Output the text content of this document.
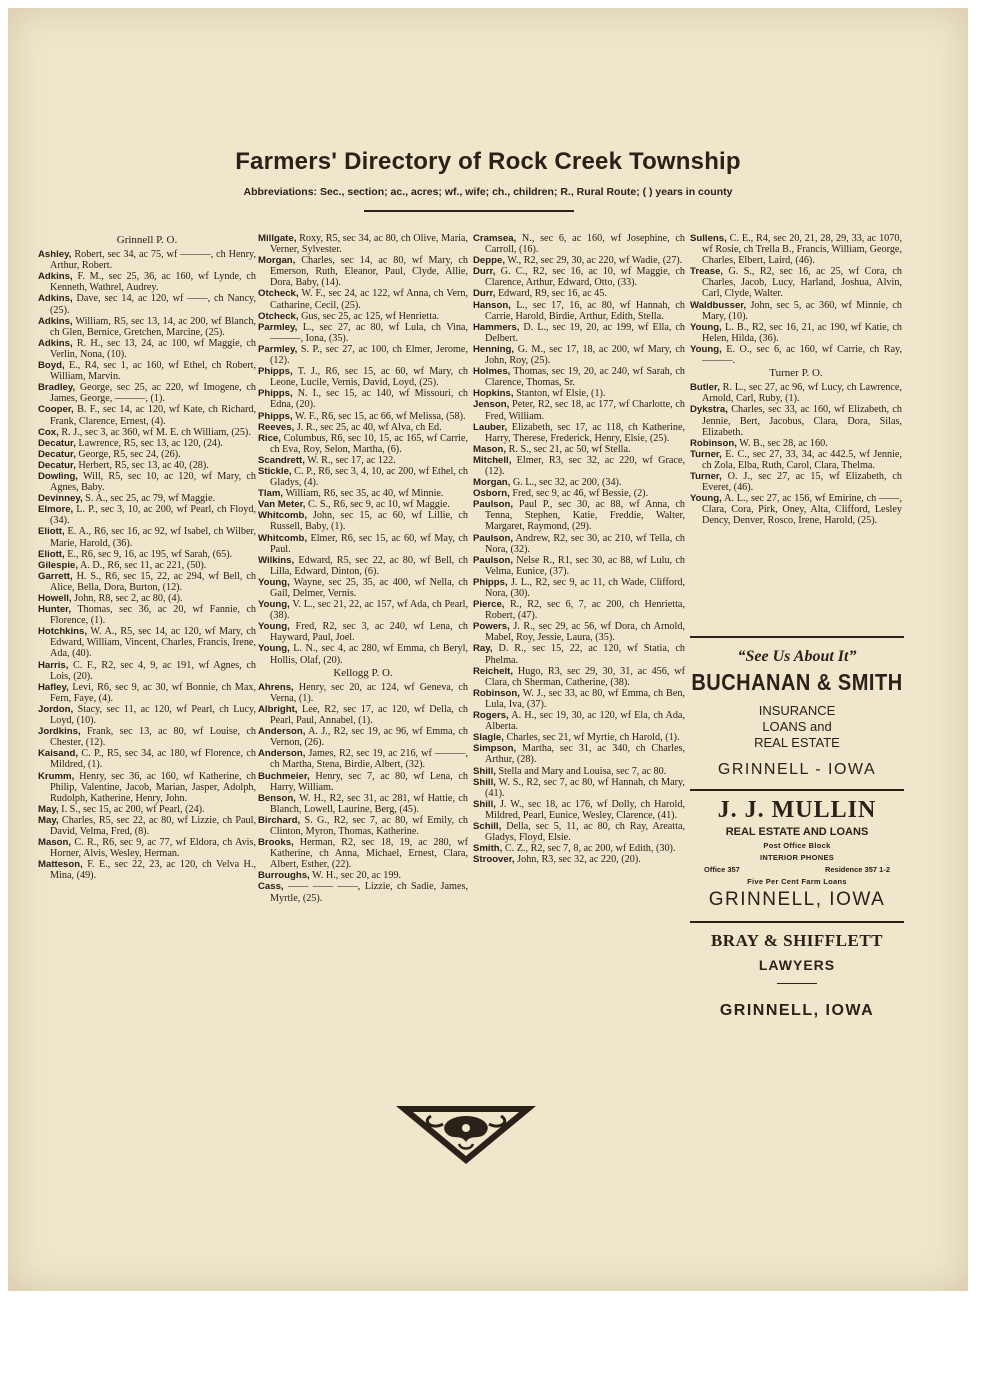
Farmers' Directory of Rock Creek Township
Abbreviations: Sec., section; ac., acres; wf., wife; ch., children; R., Rural Route; ( ) years in county
Grinnell P. O.

Ashley, Robert, sec 34, ac 75, wf ———, ch Henry, Arthur, Robert.

Adkins, F. M., sec 25, 36, ac 160, wf Lynde, ch Kenneth, Wathrel, Audrey.

Adkins, Dave, sec 14, ac 120, wf ——, ch Nancy, (25).

Adkins, William, R5, sec 13, 14, ac 200, wf Blanch, ch Glen, Bernice, Gretchen, Marcine, (25).

Adkins, R. H., sec 13, 24, ac 100, wf Maggie, ch Verlin, Nona, (10).

Boyd, E., R4, sec 1, ac 160, wf Ethel, ch Robert, William, Marvin.

Bradley, George, sec 25, ac 220, wf Imogene, ch James, George, ———, (1).

Cooper, B. F., sec 14, ac 120, wf Kate, ch Richard, Frank, Clarence, Ernest, (4).

Cox, R. J., sec 3, ac 360, wf M. E. ch William, (25).

Decatur, Lawrence, R5, sec 13, ac 120, (24).

Decatur, George, R5, sec 24, (26).

Decatur, Herbert, R5, sec 13, ac 40, (28).

Dowling, Will, R5, sec 10, ac 120, wf Mary, ch Agnes, Baby.

Devinney, S. A., sec 25, ac 79, wf Maggie.

Elmore, L. P., sec 3, 10, ac 200, wf Pearl, ch Floyd, (34).

Eliott, E. A., R6, sec 16, ac 92, wf Isabel, ch Wilber, Marie, Harold, (36).

Eliott, E., R6, sec 9, 16, ac 195, wf Sarah, (65).

Gilespie, A. D., R6, sec 11, ac 221, (50).

Garrett, H. S., R6, sec 15, 22, ac 294, wf Bell, ch Alice, Bella, Dora, Burton, (12).

Howell, John, R8, sec 2, ac 80, (4).

Hunter, Thomas, sec 36, ac 20, wf Fannie, ch Florence, (1).

Hotchkins, W. A., R5, sec 14, ac 120, wf Mary, ch Edward, William, Vincent, Charles, Francis, Irene, Ada, (40).

Harris, C. F., R2, sec 4, 9, ac 191, wf Agnes, ch Lois, (20).

Hafley, Levi, R6, sec 9, ac 30, wf Bonnie, ch Max, Fern, Faye, (4).

Jordon, Stacy, sec 11, ac 120, wf Pearl, ch Lucy, Loyd, (10).

Jordkins, Frank, sec 13, ac 80, wf Louise, ch Chester, (12).

Kaisand, C. P., R5, sec 34, ac 180, wf Florence, ch Mildred, (1).

Krumm, Henry, sec 36, ac 160, wf Katherine, ch Philip, Valentine, Jacob, Marian, Jasper, Adolph, Rudolph, Katherine, Henry, John.

May, I. S., sec 15, ac 200, wf Pearl, (24).

May, Charles, R5, sec 22, ac 80, wf Lizzie, ch Paul, David, Velma, Fred, (8).

Mason, C. R., R6, sec 9, ac 77, wf Eldora, ch Avis, Horner, Alvis, Wesley, Herman.

Matteson, F. E., sec 22, 23, ac 120, ch Velva H., Mina, (49).

Millgate, Roxy, R5, sec 34, ac 80, ch Olive, Maria, Verner, Sylvester.

Morgan, Charles, sec 14, ac 80, wf Mary, ch Emerson, Ruth, Eleanor, Paul, Clyde, Allie, Dora, Baby, (14).

Otcheck, W. F., sec 24, ac 122, wf Anna, ch Vern, Catharine, Cecil, (25).

Otcheck, Gus, sec 25, ac 125, wf Henrietta.

Parmley, L., sec 27, ac 80, wf Lula, ch Vina, ———, Iona, (35).

Parmley, S. P., sec 27, ac 100, ch Elmer, Jerome, (12).

Phipps, T. J., R6, sec 15, ac 60, wf Mary, ch Leone, Lucile, Vernis, David, Loyd, (25).

Phipps, N. I., sec 15, ac 140, wf Missouri, ch Edna, (20).

Phipps, W. F., R6, sec 15, ac 66, wf Melissa, (58).

Reeves, J. R., sec 25, ac 40, wf Alva, ch Ed.

Rice, Columbus, R6, sec 10, 15, ac 165, wf Carrie, ch Eva, Roy, Selon, Martha, (6).

Scandrett, W. R., sec 17, ac 122.

Stickle, C. P., R6, sec 3, 4, 10, ac 200, wf Ethel, ch Gladys, (4).

Tlam, William, R6, sec 35, ac 40, wf Minnie.

Van Meter, C. S., R6, sec 9, ac 10, wf Maggie.

Whitcomb, John, sec 15, ac 60, wf Lillie, ch Russell, Baby, (1).

Whitcomb, Elmer, R6, sec 15, ac 60, wf May, ch Paul.

Wilkins, Edward, R5, sec 22, ac 80, wf Bell, ch Lilla, Edward, Dinton, (6).

Young, Wayne, sec 25, 35, ac 400, wf Nella, ch Gail, Delmer, Vernis.

Young, V. L., sec 21, 22, ac 157, wf Ada, ch Pearl, (38).

Young, Fred, R2, sec 3, ac 240, wf Lena, ch Hayward, Paul, Joel.

Young, L. N., sec 4, ac 280, wf Emma, ch Beryl, Hollis, Olaf, (20).

Kellogg P. O.

Ahrens, Henry, sec 20, ac 124, wf Geneva, ch Verna, (1).

Albright, Lee, R2, sec 17, ac 120, wf Della, ch Pearl, Paul, Annabel, (1).

Anderson, A. J., R2, sec 19, ac 96, wf Emma, ch Vernon, (26).

Anderson, James, R2, sec 19, ac 216, wf ———, ch Martha, Stena, Birdie, Albert, (32).

Buchmeier, Henry, sec 7, ac 80, wf Lena, ch Harry, William.

Benson, W. H., R2, sec 31, ac 281, wf Hattie, ch Blanch, Lowell, Laurine, Berg, (45).

Birchard, S. G., R2, sec 7, ac 80, wf Emily, ch Clinton, Myron, Thomas, Katherine.

Brooks, Herman, R2, sec 18, 19, ac 280, wf Katherine, ch Anna, Michael, Ernest, Clara, Albert, Esther, (22).

Burroughs, W. H., sec 20, ac 199.

Cass, —— —— ——, Lizzie, ch Sadie, James, Myrtle, (25).

Cramsea, N., sec 6, ac 160, wf Josephine, ch Carroll, (16).

Deppe, W., R2, sec 29, 30, ac 220, wf Wadie, (27).

Durr, G. C., R2, sec 16, ac 10, wf Maggie, ch Clarence, Arthur, Edward, Otto, (33).

Durr, Edward, R9, sec 16, ac 45.

Hanson, L., sec 17, 16, ac 80, wf Hannah, ch Carrie, Harold, Birdie, Arthur, Edith, Stella.

Hammers, D. L., sec 19, 20, ac 199, wf Ella, ch Delbert.

Henning, G. M., sec 17, 18, ac 200, wf Mary, ch John, Roy, (25).

Holmes, Thomas, sec 19, 20, ac 240, wf Sarah, ch Clarence, Thomas, Sr.

Hopkins, Stanton, wf Elsie, (1).

Jenson, Peter, R2, sec 18, ac 177, wf Charlotte, ch Fred, William.

Lauber, Elizabeth, sec 17, ac 118, ch Katherine, Harry, Therese, Frederick, Henry, Elsie, (25).

Mason, R. S., sec 21, ac 50, wf Stella.

Mitchell, Elmer, R3, sec 32, ac 220, wf Grace, (12).

Morgan, G. L., sec 32, ac 200, (34).

Osborn, Fred, sec 9, ac 46, wf Bessie, (2).

Paulson, Paul P., sec 30, ac 88, wf Anna, ch Tenna, Stephen, Katie, Freddie, Walter, Margaret, Raymond, (29).

Paulson, Andrew, R2, sec 30, ac 210, wf Tella, ch Nora, (32).

Paulson, Nelse R., R1, sec 30, ac 88, wf Lulu, ch Velma, Eunice, (37).

Phipps, J. L., R2, sec 9, ac 11, ch Wade, Clifford, Nora, (30).

Pierce, R., R2, sec 6, 7, ac 200, ch Henrietta, Robert, (47).

Powers, J. R., sec 29, ac 56, wf Dora, ch Arnold, Mabel, Roy, Jessie, Laura, (35).

Ray, D. R., sec 15, 22, ac 120, wf Statia, ch Phelma.

Reichelt, Hugo, R3, sec 29, 30, 31, ac 456, wf Clara, ch Sherman, Catherine, (38).

Robinson, W. J., sec 33, ac 80, wf Emma, ch Ben, Lula, Iva, (37).

Rogers, A. H., sec 19, 30, ac 120, wf Ela, ch Ada, Alberta.

Slagle, Charles, sec 21, wf Myrtie, ch Harold, (1).

Simpson, Martha, sec 31, ac 340, ch Charles, Arthur, (28).

Shill, Stella and Mary and Louisa, sec 7, ac 80.

Shill, W. S., R2, sec 7, ac 80, wf Hannah, ch Mary, (41).

Shill, J. W., sec 18, ac 176, wf Dolly, ch Harold, Mildred, Pearl, Eunice, Wesley, Clarence, (41).

Schill, Della, sec 5, 11, ac 80, ch Ray, Areatta, Gladys, Floyd, Elsie.

Smith, C. Z., R2, sec 7, 8, ac 200, wf Edith, (30).

Stroover, John, R3, sec 32, ac 220, (20).

Sullens, C. E., R4, sec 20, 21, 28, 29, 33, ac 1070, wf Rosie, ch Trella B., Francis, William, George, Charles, Elbert, Laird, (46).

Trease, G. S., R2, sec 16, ac 25, wf Cora, ch Charles, Jacob, Lucy, Harland, Joshua, Alvin, Carl, Clyde, Walter.

Waldbusser, John, sec 5, ac 360, wf Minnie, ch Mary, (10).

Young, L. B., R2, sec 16, 21, ac 190, wf Katie, ch Helen, Hilda, (36).

Young, E. O., sec 6, ac 160, wf Carrie, ch Ray, ———.

Turner P. O.

Butler, R. L., sec 27, ac 96, wf Lucy, ch Lawrence, Arnold, Carl, Ruby, (1).

Dykstra, Charles, sec 33, ac 160, wf Elizabeth, ch Jennie, Bert, Jacobus, Clara, Dora, Silas, Elizabeth.

Robinson, W. B., sec 28, ac 160.

Turner, E. C., sec 27, 33, 34, ac 442.5, wf Jennie, ch Zola, Elba, Ruth, Carol, Clara, Thelma.

Turner, O. J., sec 27, ac 15, wf Elizabeth, ch Everet, (46).

Young, A. L., sec 27, ac 156, wf Emirine, ch ——, Clara, Cora, Pirk, Oney, Alta, Clifford, Lesley Dency, Denver, Rosco, Irene, Harold, (25).

“See Us About It”
BUCHANAN & SMITH
INSURANCE
LOANS and
REAL ESTATE
GRINNELL - IOWA
J. J. MULLIN
REAL ESTATE AND LOANS
Post Office Block
INTERIOR PHONES
Office 357	Residence 357 1-2
Five Per Cent Farm Loans
GRINNELL, IOWA
BRAY & SHIFFLETT
LAWYERS
GRINNELL, IOWA
